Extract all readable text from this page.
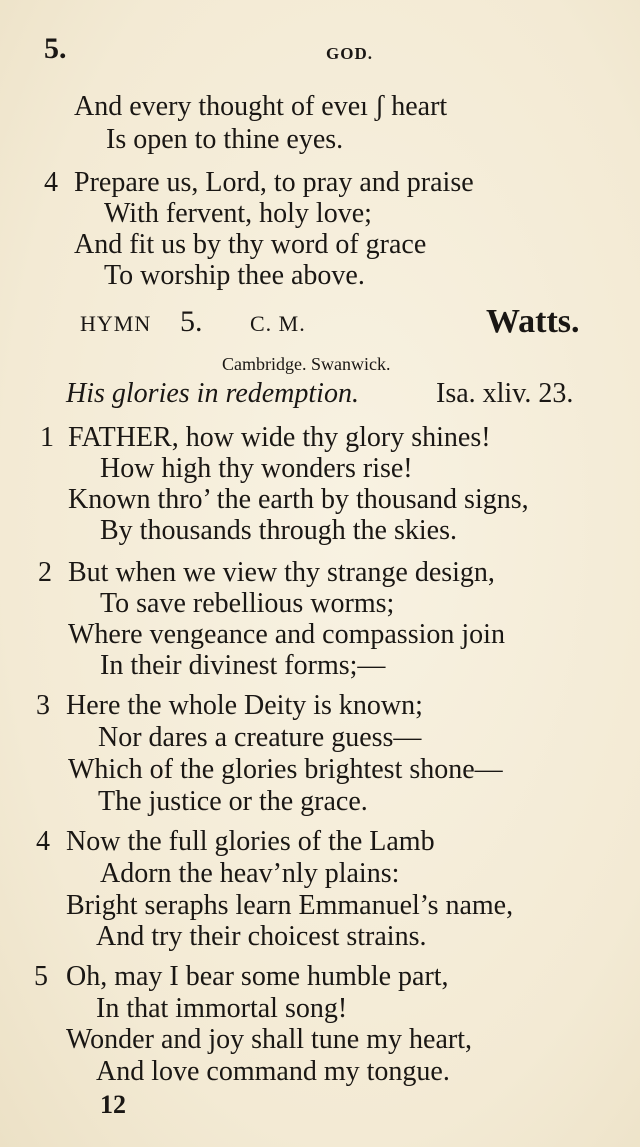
5.	GOD.
And every thought of eveı ʃ heart
Is open to thine eyes.
4 Prepare us, Lord, to pray and praise
With fervent, holy love;
And fit us by thy word of grace
To worship thee above.
HYMN 5. C. M.	Watts.
Cambridge. Swanwick.
His glories in redemption.	Isa. xliv. 23.
1 FATHER, how wide thy glory shines!
How high thy wonders rise!
Known thro’ the earth by thousand signs,
By thousands through the skies.
2 But when we view thy strange design,
To save rebellious worms;
Where vengeance and compassion join
In their divinest forms;—
3 Here the whole Deity is known;
Nor dares a creature guess—
Which of the glories brightest shone—
The justice or the grace.
4 Now the full glories of the Lamb
Adorn the heav’nly plains:
Bright seraphs learn Emmanuel’s name,
And try their choicest strains.
5 Oh, may I bear some humble part,
In that immortal song!
Wonder and joy shall tune my heart,
And love command my tongue.
12
